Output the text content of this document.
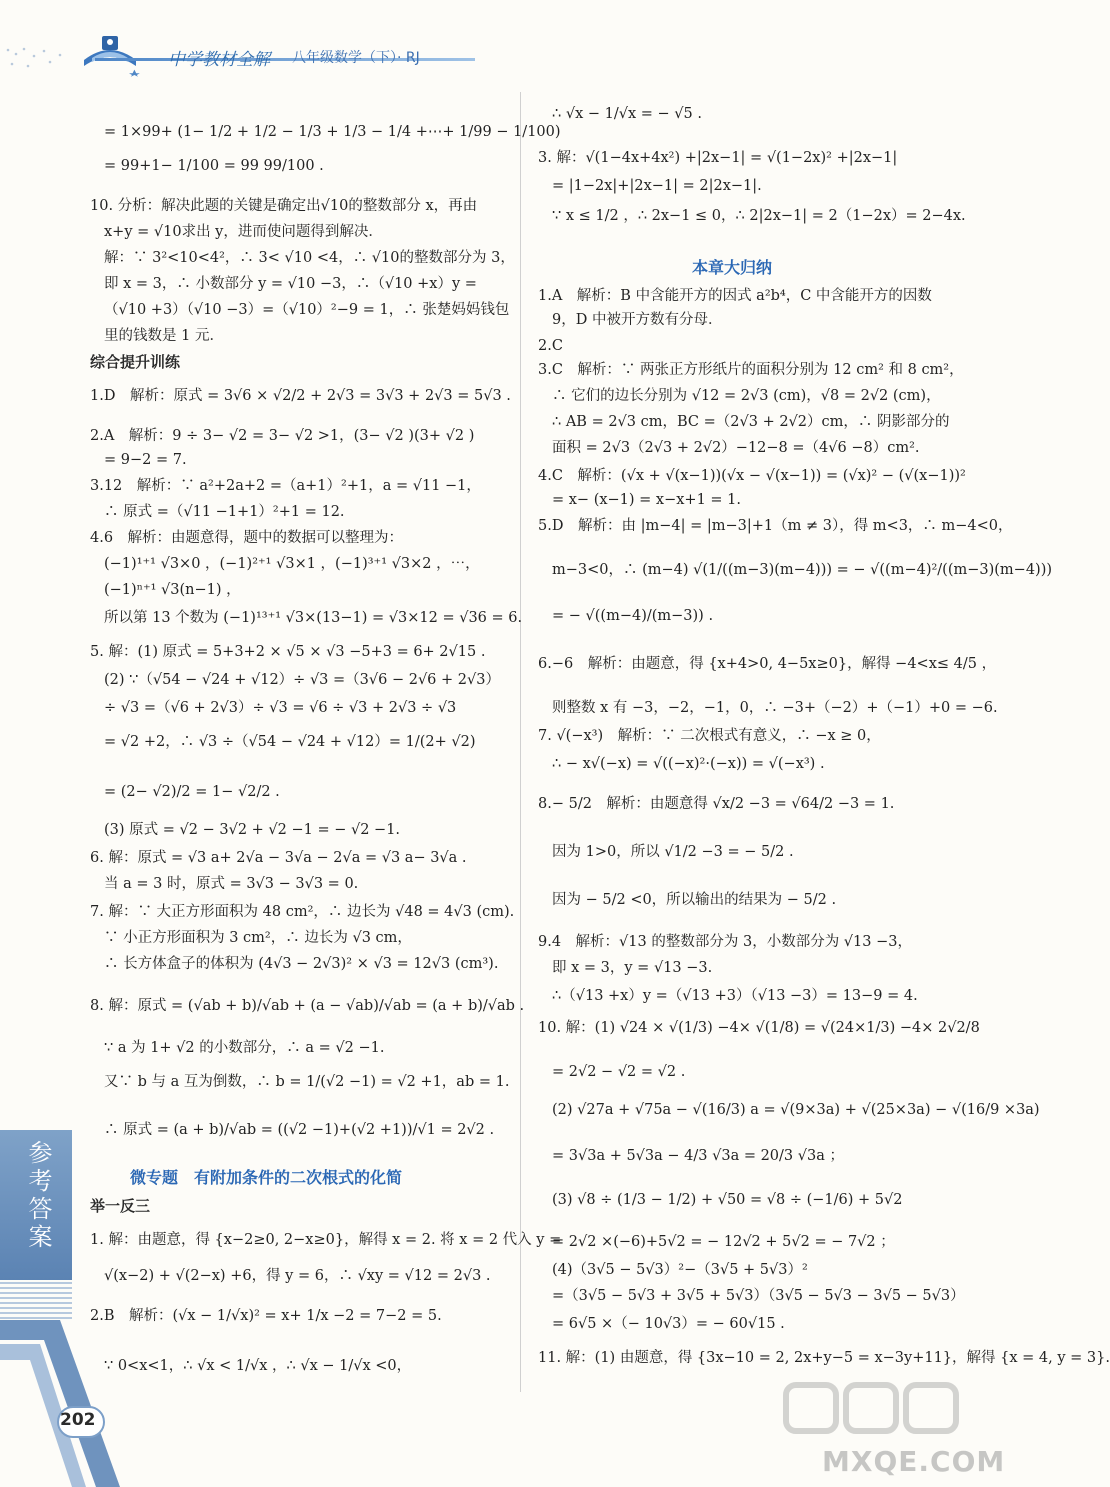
中学教材全解 八年级数学（下）· RJ
= 1×99+ (1− 1/2 + 1/2 − 1/3 + 1/3 − 1/4 +⋯+ 1/99 − 1/100)
= 99+1− 1/100 = 99 99/100 .
10. 分析：解决此题的关键是确定出√10的整数部分 x，再由
x+y = √10求出 y，进而使问题得到解决．
解：∵ 3²<10<4²，∴ 3< √10 <4，∴ √10的整数部分为 3，
即 x = 3，∴ 小数部分 y = √10 −3，∴（√10 +x）y =
（√10 +3）（√10 −3）=（√10）²−9 = 1，∴ 张楚妈妈钱包
里的钱数是 1 元．
综合提升训练
1.D　解析：原式 = 3√6 × √2/2 + 2√3 = 3√3 + 2√3 = 5√3 .
2.A　解析：9 ÷ 3− √2 = 3− √2 >1，(3− √2 )(3+ √2 )
= 9−2 = 7.
3.12　解析：∵ a²+2a+2 =（a+1）²+1，a = √11 −1，
∴ 原式 =（√11 −1+1）²+1 = 12.
4.6　解析：由题意得，题中的数据可以整理为：
(−1)¹⁺¹ √3×0 ，(−1)²⁺¹ √3×1 ，(−1)³⁺¹ √3×2 ，⋯，
(−1)ⁿ⁺¹ √3(n−1) ，
所以第 13 个数为 (−1)¹³⁺¹ √3×(13−1) = √3×12 = √36 = 6.
5. 解：(1) 原式 = 5+3+2 × √5 × √3 −5+3 = 6+ 2√15 .
(2) ∵（√54 − √24 + √12）÷ √3 =（3√6 − 2√6 + 2√3）
÷ √3 =（√6 + 2√3）÷ √3 = √6 ÷ √3 + 2√3 ÷ √3
= √2 +2，∴ √3 ÷（√54 − √24 + √12）= 1/(2+ √2)
= (2− √2)/2 = 1− √2/2 .
(3) 原式 = √2 − 3√2 + √2 −1 = − √2 −1.
6. 解：原式 = √3 a+ 2√a − 3√a − 2√a = √3 a− 3√a .
当 a = 3 时，原式 = 3√3 − 3√3 = 0.
7. 解：∵ 大正方形面积为 48 cm²，∴ 边长为 √48 = 4√3 (cm).
∵ 小正方形面积为 3 cm²，∴ 边长为 √3 cm，
∴ 长方体盒子的体积为 (4√3 − 2√3)² × √3 = 12√3 (cm³).
8. 解：原式 = (√ab + b)/√ab + (a − √ab)/√ab = (a + b)/√ab .
∵ a 为 1+ √2 的小数部分，∴ a = √2 −1.
又∵ b 与 a 互为倒数，∴ b = 1/(√2 −1) = √2 +1，ab = 1.
∴ 原式 = (a + b)/√ab = ((√2 −1)+(√2 +1))/√1 = 2√2 .
微专题　有附加条件的二次根式的化简
举一反三
1. 解：由题意，得 {x−2≥0, 2−x≥0}，解得 x = 2. 将 x = 2 代入 y =
√(x−2) + √(2−x) +6，得 y = 6，∴ √xy = √12 = 2√3 .
2.B　解析：(√x − 1/√x)² = x+ 1/x −2 = 7−2 = 5.
∵ 0<x<1，∴ √x < 1/√x ，∴ √x − 1/√x <0，
∴ √x − 1/√x = − √5 .
3. 解：√(1−4x+4x²) +|2x−1| = √(1−2x)² +|2x−1|
= |1−2x|+|2x−1| = 2|2x−1|.
∵ x ≤ 1/2 ，∴ 2x−1 ≤ 0，∴ 2|2x−1| = 2（1−2x）= 2−4x.
本章大归纳
1.A　解析：B 中含能开方的因式 a²b⁴，C 中含能开方的因数
9，D 中被开方数有分母．
2.C
3.C　解析：∵ 两张正方形纸片的面积分别为 12 cm² 和 8 cm²，
∴ 它们的边长分别为 √12 = 2√3 (cm)，√8 = 2√2 (cm)，
∴ AB = 2√3 cm，BC =（2√3 + 2√2）cm，∴ 阴影部分的
面积 = 2√3（2√3 + 2√2）−12−8 =（4√6 −8）cm².
4.C　解析：(√x + √(x−1))(√x − √(x−1)) = (√x)² − (√(x−1))²
= x− (x−1) = x−x+1 = 1.
5.D　解析：由 |m−4| = |m−3|+1（m ≠ 3），得 m<3，∴ m−4<0，
m−3<0，∴ (m−4) √(1/((m−3)(m−4))) = − √((m−4)²/((m−3)(m−4)))
= − √((m−4)/(m−3)) .
6.−6　解析：由题意，得 {x+4>0, 4−5x≥0}，解得 −4<x≤ 4/5 ，
则整数 x 有 −3，−2，−1，0，∴ −3+（−2）+（−1）+0 = −6.
7. √(−x³)　解析：∵ 二次根式有意义，∴ −x ≥ 0，
∴ − x√(−x) = √((−x)²·(−x)) = √(−x³) .
8.− 5/2　解析：由题意得 √x/2 −3 = √64/2 −3 = 1.
因为 1>0，所以 √1/2 −3 = − 5/2 .
因为 − 5/2 <0，所以输出的结果为 − 5/2 .
9.4　解析：√13 的整数部分为 3，小数部分为 √13 −3，
即 x = 3，y = √13 −3.
∴（√13 +x）y =（√13 +3）（√13 −3）= 13−9 = 4.
10. 解：(1) √24 × √(1/3) −4× √(1/8) = √(24×1/3) −4× 2√2/8
= 2√2 − √2 = √2 .
(2) √27a + √75a − √(16/3) a = √(9×3a) + √(25×3a) − √(16/9 ×3a)
= 3√3a + 5√3a − 4/3 √3a = 20/3 √3a ；
(3) √8 ÷ (1/3 − 1/2) + √50 = √8 ÷ (−1/6) + 5√2
= 2√2 ×(−6)+5√2 = − 12√2 + 5√2 = − 7√2 ；
(4)（3√5 − 5√3）²−（3√5 + 5√3）²
=（3√5 − 5√3 + 3√5 + 5√3）（3√5 − 5√3 − 3√5 − 5√3）
= 6√5 ×（− 10√3）= − 60√15 .
11. 解：(1) 由题意，得 {3x−10 = 2, 2x+y−5 = x−3y+11}，解得 {x = 4, y = 3}.
参考答案
202
MXQE.COM
